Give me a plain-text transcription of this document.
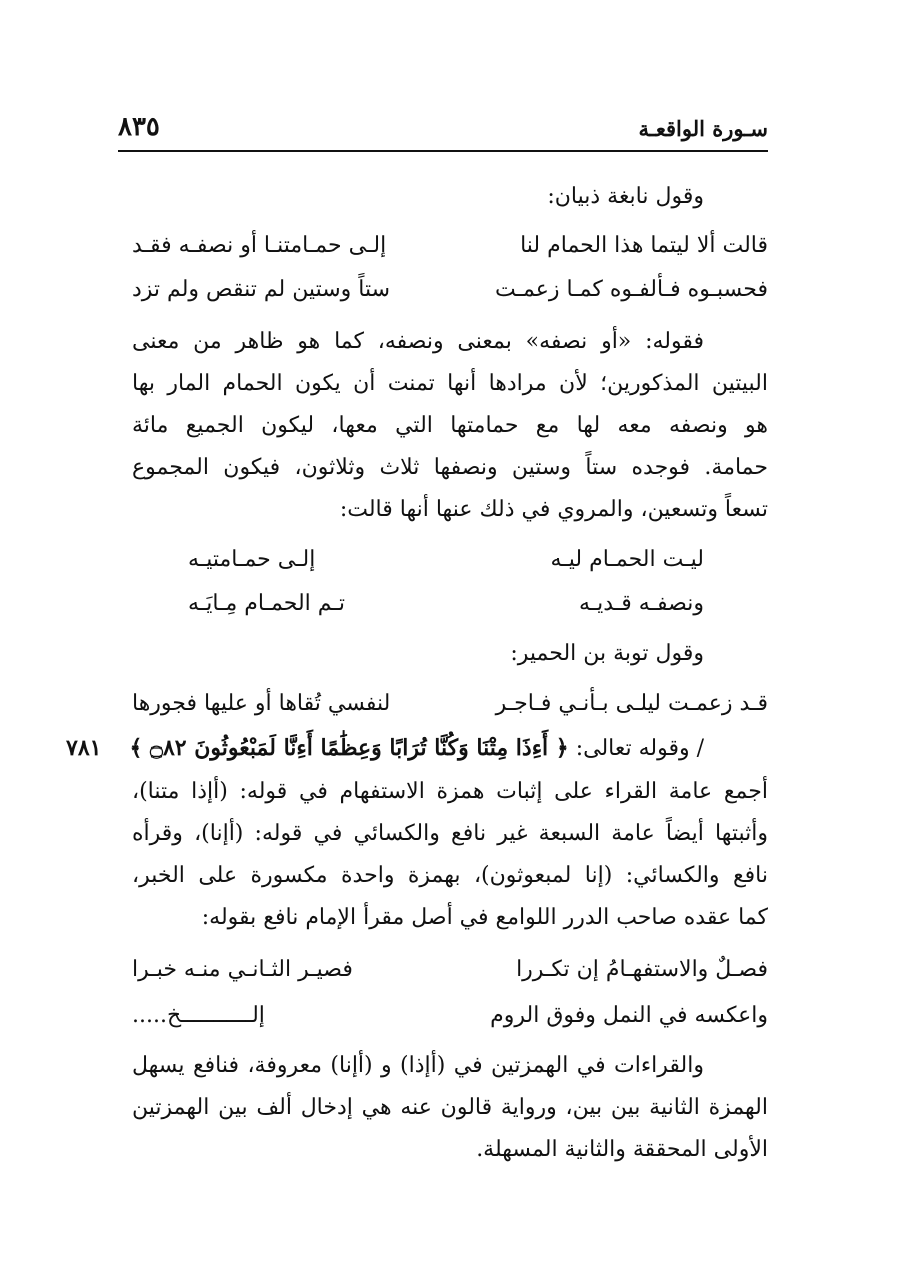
سـورة الواقعـة
٨٣٥
وقول نابغة ذبيان:
قالت ألا ليتما هذا الحمام لنا
إلـى حمـامتنـا أو نصفـه فقـد
فحسبـوه فـألفـوه كمـا زعمـت
ستاً وستين لم تنقص ولم تزد
فقوله: «أو نصفه» بمعنى ونصفه، كما هو ظاهر من معنى
البيتين المذكورين؛ لأن مرادها أنها تمنت أن يكون الحمام المار بها
هو ونصفه معه لها مع حمامتها التي معها، ليكون الجميع مائة
حمامة. فوجده ستاً وستين ونصفها ثلاث وثلاثون، فيكون المجموع
تسعاً وتسعين، والمروي في ذلك عنها أنها قالت:
ليـت الحمـام ليـه
إلـى حمـامتيـه
ونصفـه قـديـه
تـم الحمـام مِـايَـه
وقول توبة بن الحمير:
قـد زعمـت ليلـى بـأنـي فـاجـر
لنفسي تُقاها أو عليها فجورها
/ وقوله تعالى: ﴿ أَءِذَا مِتْنَا وَكُنَّا تُرَابًا وَعِظَٰمًا أَءِنَّا لَمَبْعُوثُونَ ۝٨٢ ﴾
٧٨١
أجمع عامة القراء على إثبات همزة الاستفهام في قوله: (أإذا متنا)،
وأثبتها أيضاً عامة السبعة غير نافع والكسائي في قوله: (أإنا)، وقرأه
نافع والكسائي: (إنا لمبعوثون)، بهمزة واحدة مكسورة على الخبر،
كما عقده صاحب الدرر اللوامع في أصل مقرأ الإمام نافع بقوله:
فصـلٌ والاستفهـامُ إن تكـررا
فصيـر الثـانـي منـه خبـرا
واعكسه في النمل وفوق الروم
إلـــــــــــخ.....
والقراءات في الهمزتين في (أإذا) و (أإنا) معروفة، فنافع يسهل
الهمزة الثانية بين بين، ورواية قالون عنه هي إدخال ألف بين الهمزتين
الأولى المحققة والثانية المسهلة.
